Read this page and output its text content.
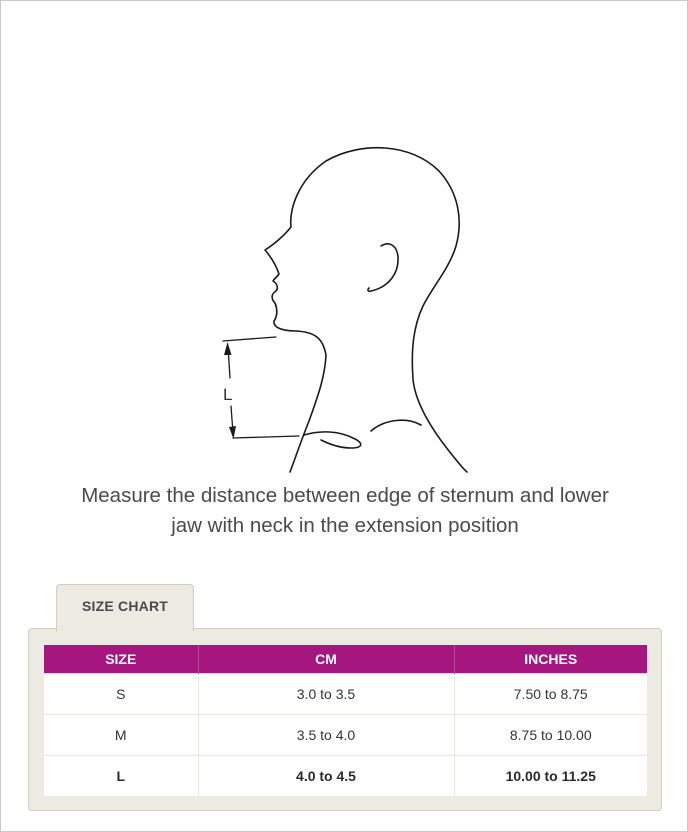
L
Measure the distance between edge of sternum and lower
jaw with neck in the extension position
SIZE CHART
SIZE	CM	INCHES
S	3.0 to 3.5	7.50 to 8.75
M	3.5 to 4.0	8.75 to 10.00
L	4.0 to 4.5	10.00 to 11.25
